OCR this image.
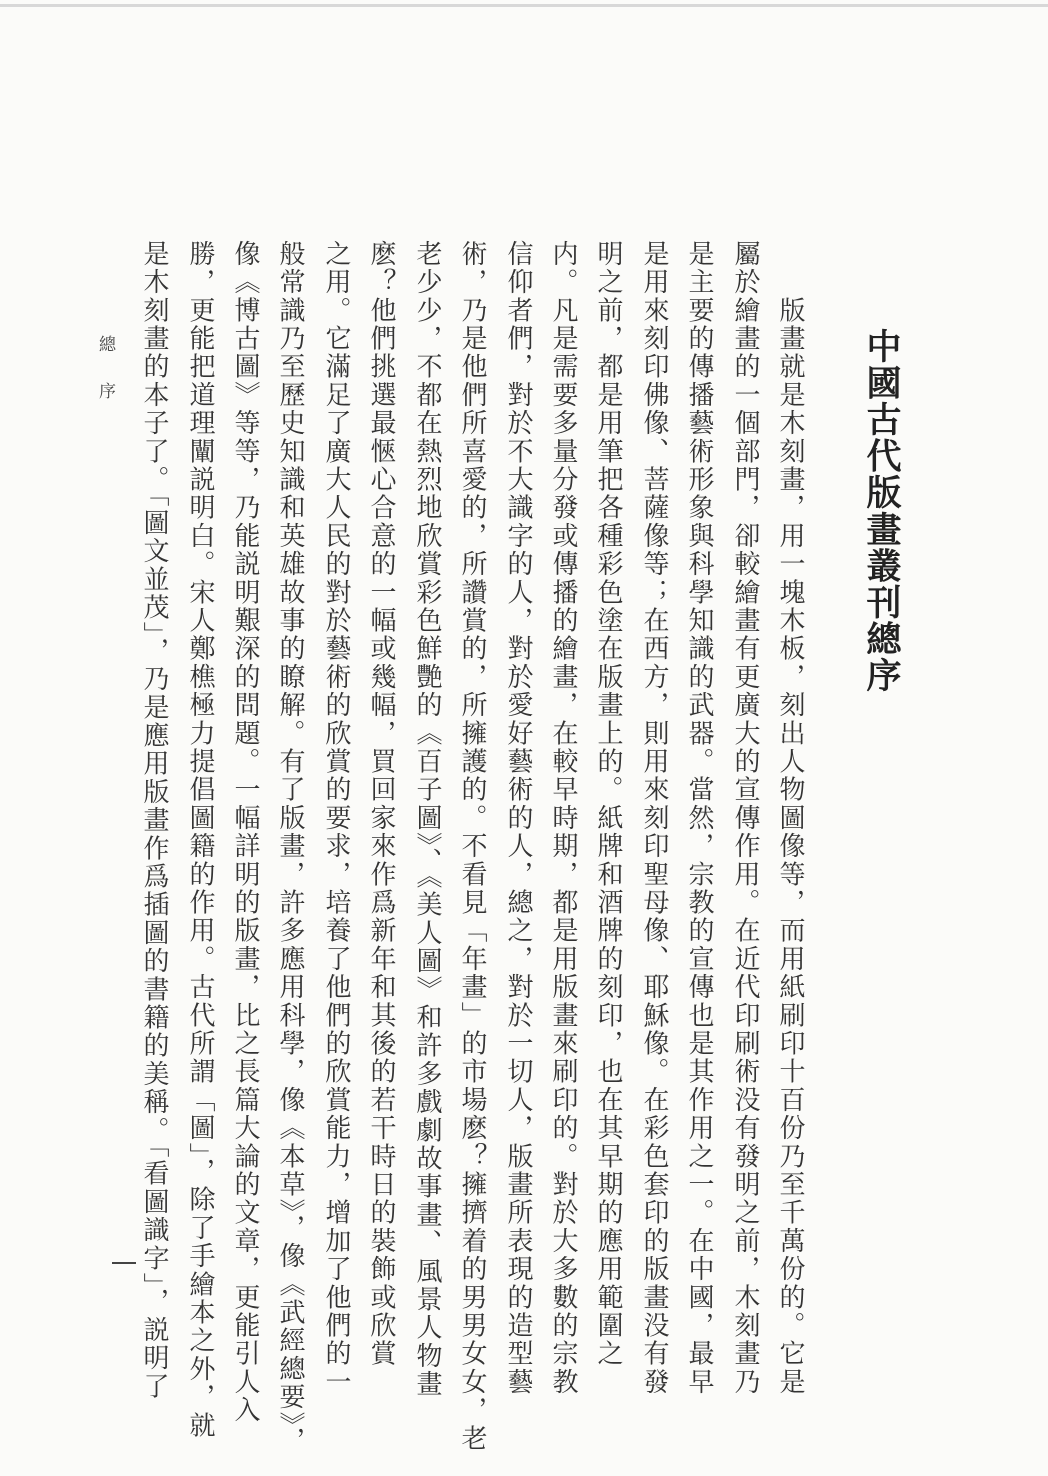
中國古代版畫叢刊總序
　　版畫就是木刻畫，用一塊木板，刻出人物圖像等，而用紙刷印十百份乃至千萬份的。它是
屬於繪畫的一個部門，卻較繪畫有更廣大的宣傳作用。在近代印刷術没有發明之前，木刻畫乃
是主要的傳播藝術形象與科學知識的武器。當然，宗教的宣傳也是其作用之一。在中國，最早
是用來刻印佛像、菩薩像等；在西方，則用來刻印聖母像、耶穌像。在彩色套印的版畫没有發
明之前，都是用筆把各種彩色塗在版畫上的。紙牌和酒牌的刻印，也在其早期的應用範圍之
内。凡是需要多量分發或傳播的繪畫，在較早時期，都是用版畫來刷印的。對於大多數的宗教
信仰者們，對於不大識字的人，對於愛好藝術的人，總之，對於一切人，版畫所表現的造型藝
術，乃是他們所喜愛的，所讚賞的，所擁護的。不看見「年畫」的市場麽？擁擠着的男男女女，老
老少少，不都在熱烈地欣賞彩色鮮艷的《百子圖》、《美人圖》和許多戲劇故事畫、風景人物畫
麽？他們挑選最愜心合意的一幅或幾幅，買回家來作爲新年和其後的若干時日的裝飾或欣賞
之用。它滿足了廣大人民的對於藝術的欣賞的要求，培養了他們的欣賞能力，增加了他們的一
般常識乃至歷史知識和英雄故事的瞭解。有了版畫，許多應用科學，像《本草》，像《武經總要》，
像《博古圖》等等，乃能説明艱深的問題。一幅詳明的版畫，比之長篇大論的文章，更能引人入
勝，更能把道理闡説明白。宋人鄭樵極力提倡圖籍的作用。古代所謂「圖」，除了手繪本之外，就
是木刻畫的本子了。「圖文並茂」，乃是應用版畫作爲插圖的書籍的美稱。「看圖識字」，説明了
總序
